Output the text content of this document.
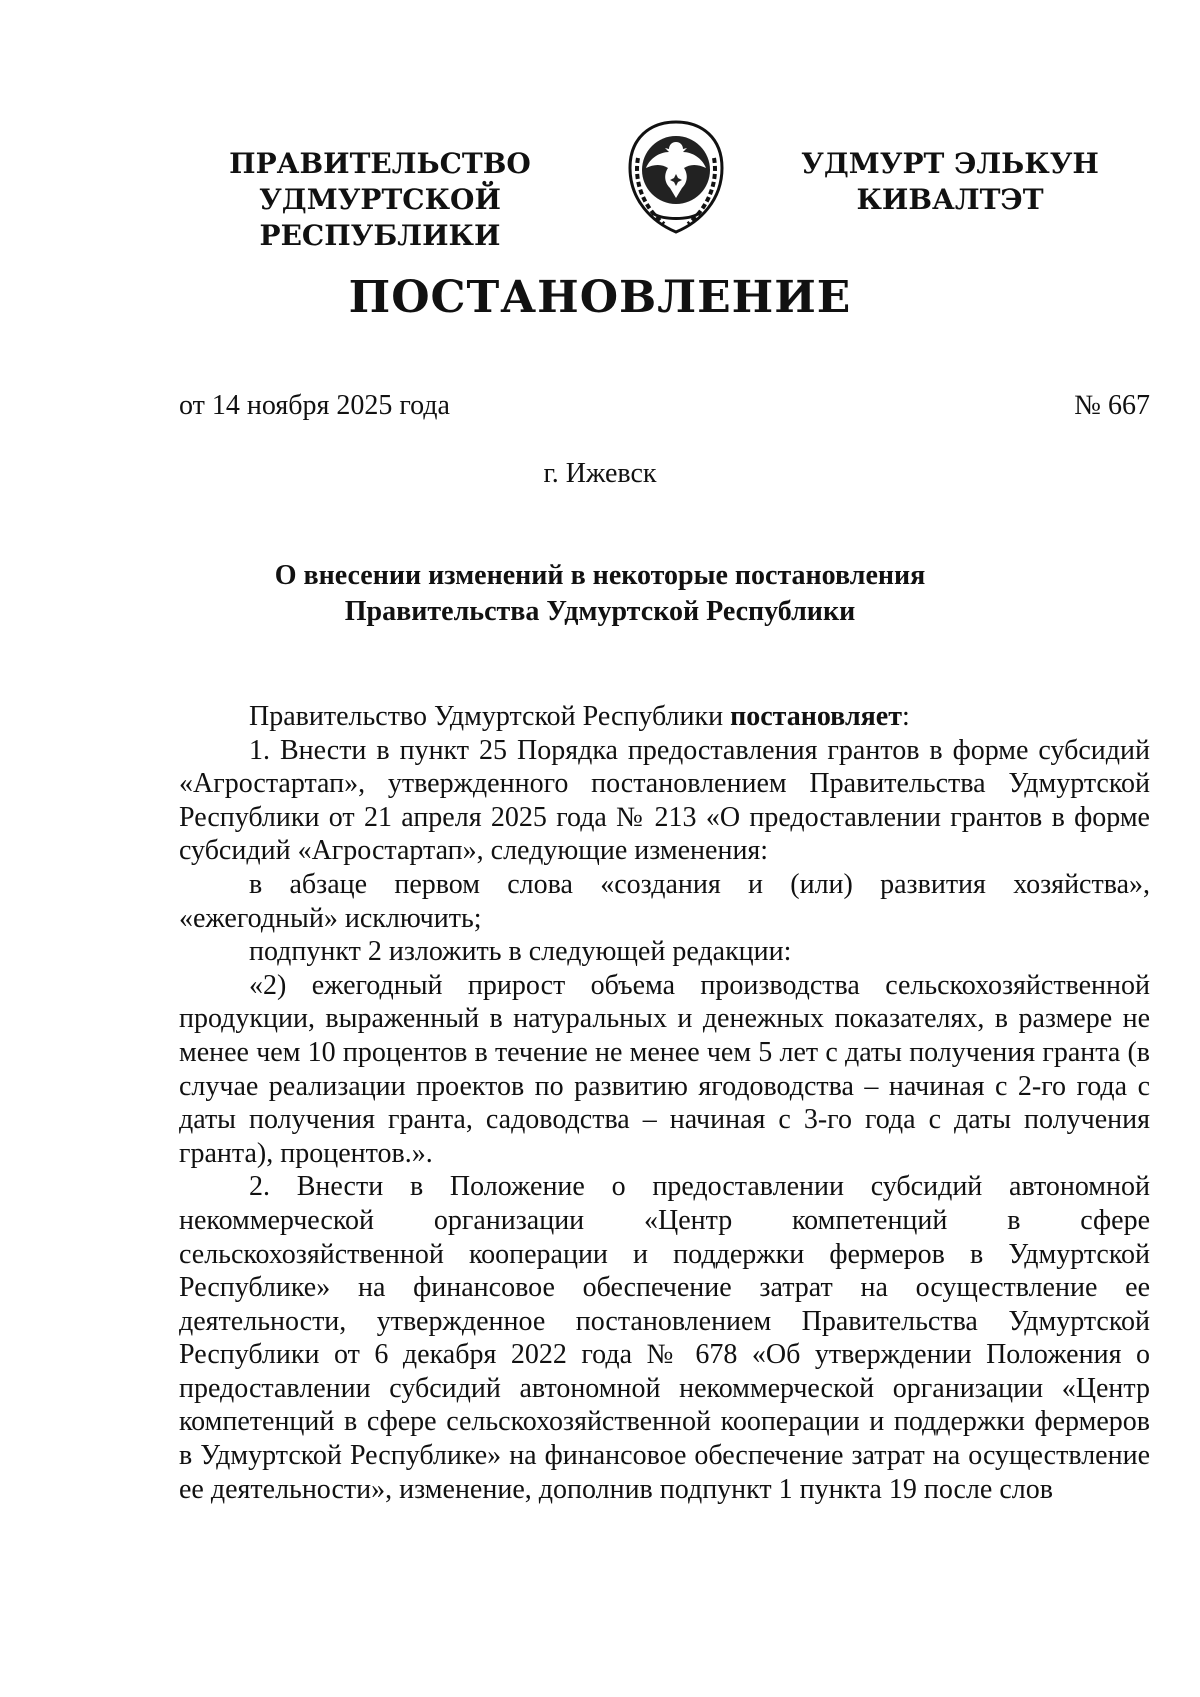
ПРАВИТЕЛЬСТВО
УДМУРТСКОЙ РЕСПУБЛИКИ
УДМУРТ ЭЛЬКУН
КИВАЛТЭТ
ПОСТАНОВЛЕНИЕ
от 14 ноября 2025 года	№ 667
г. Ижевск
О внесении изменений в некоторые постановления
Правительства Удмуртской Республики

Правительство Удмуртской Республики постановляет:

1. Внести в пункт 25 Порядка предоставления грантов в форме субсидий «Агростартап», утвержденного постановлением Правительства Удмуртской Республики от 21 апреля 2025 года № 213 «О предоставлении грантов в форме субсидий «Агростартап», следующие изменения:

в абзаце первом слова «создания и (или) развития хозяйства», «ежегодный» исключить;

подпункт 2 изложить в следующей редакции:

«2) ежегодный прирост объема производства сельскохозяйственной продукции, выраженный в натуральных и денежных показателях, в размере не менее чем 10 процентов в течение не менее чем 5 лет с даты получения гранта (в случае реализации проектов по развитию ягодоводства – начиная с 2-го года с даты получения гранта, садоводства – начиная с 3-го года с даты получения гранта), процентов.».

2. Внести в Положение о предоставлении субсидий автономной некоммерческой организации «Центр компетенций в сфере сельскохозяйственной кооперации и поддержки фермеров в Удмуртской Республике» на финансовое обеспечение затрат на осуществление ее деятельности, утвержденное постановлением Правительства Удмуртской Республики от 6 декабря 2022 года № 678 «Об утверждении Положения о предоставлении субсидий автономной некоммерческой организации «Центр компетенций в сфере сельскохозяйственной кооперации и поддержки фермеров в Удмуртской Республике» на финансовое обеспечение затрат на осуществление ее деятельности», изменение, дополнив подпункт 1 пункта 19 после слов
